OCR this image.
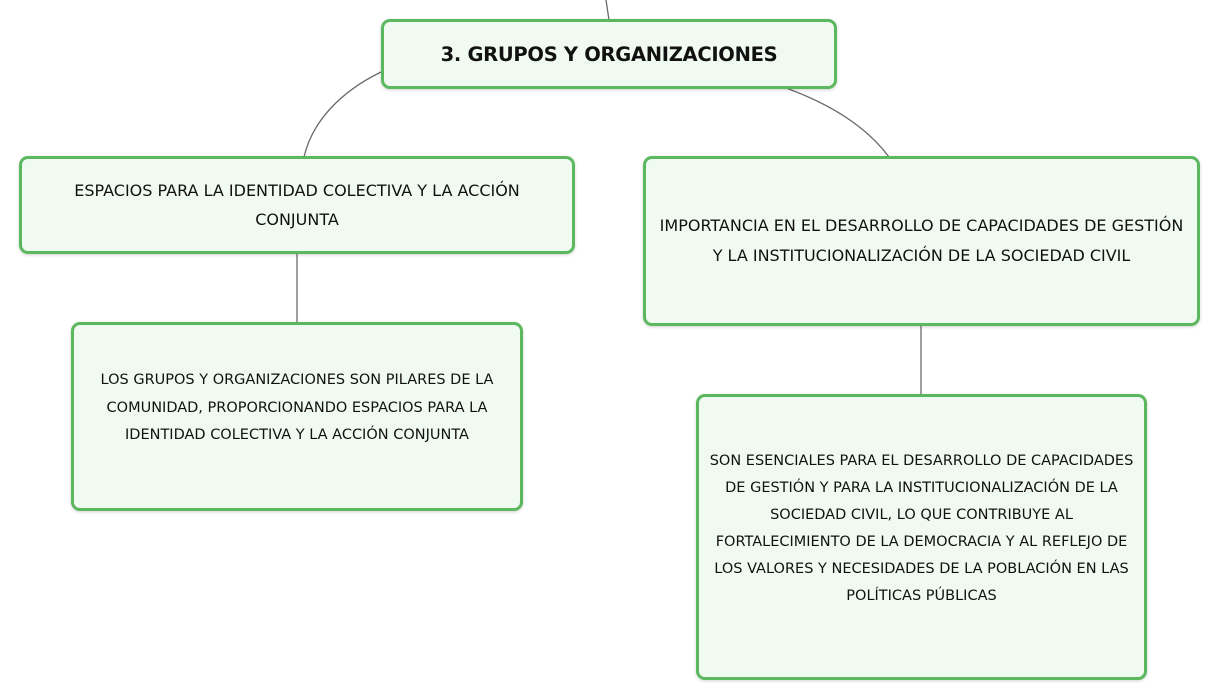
3. GRUPOS Y ORGANIZACIONES
ESPACIOS PARA LA IDENTIDAD COLECTIVA Y LA ACCIÓN CONJUNTA	IMPORTANCIA EN EL DESARROLLO DE CAPACIDADES DE GESTIÓN Y LA INSTITUCIONALIZACIÓN DE LA SOCIEDAD CIVIL
LOS GRUPOS Y ORGANIZACIONES SON PILARES DE LA COMUNIDAD, PROPORCIONANDO ESPACIOS PARA LA IDENTIDAD COLECTIVA Y LA ACCIÓN CONJUNTA
SON ESENCIALES PARA EL DESARROLLO DE CAPACIDADES DE GESTIÓN Y PARA LA INSTITUCIONALIZACIÓN DE LA SOCIEDAD CIVIL, LO QUE CONTRIBUYE AL FORTALECIMIENTO DE LA DEMOCRACIA Y AL REFLEJO DE LOS VALORES Y NECESIDADES DE LA POBLACIÓN EN LAS POLÍTICAS PÚBLICAS
